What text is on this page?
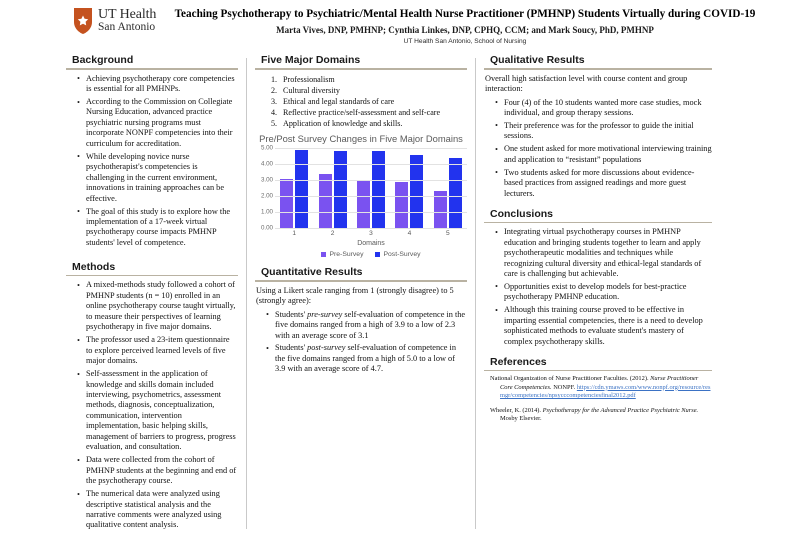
UT Health
San Antonio
Teaching Psychotherapy to Psychiatric/Mental Health Nurse Practitioner (PMHNP) Students Virtually during COVID-19
Marta Vives, DNP, PMHNP; Cynthia Linkes, DNP, CPHQ, CCM; and Mark Soucy, PhD, PMHNP
UT Health San Antonio, School of Nursing
Background
• Achieving psychotherapy core competencies is essential for all PMHNPs.
• According to the Commission on Collegiate Nursing Education, advanced practice psychiatric nursing programs must incorporate NONPF competencies into their curriculum for accreditation.
• While developing novice nurse psychotherapist's competencies is challenging in the current environment, innovations in training approaches can be effective.
• The goal of this study is to explore how the implementation of a 17-week virtual psychotherapy course impacts PMHNP students' level of competence.
Methods
• A mixed-methods study followed a cohort of PMHNP students (n = 10) enrolled in an online psychotherapy course taught virtually, to measure their perspectives of learning psychotherapy in five major domains.
• The professor used a 23-item questionnaire to explore perceived learned levels of five major domains.
• Self-assessment in the application of knowledge and skills domain included interviewing, psychometrics, assessment methods, diagnosis, conceptualization, communication, intervention implementation, basic helping skills, management of barriers to progress, progress evaluation, and consultation.
• Data were collected from the cohort of PMHNP students at the beginning and end of the psychotherapy course.
• The numerical data were analyzed using descriptive statistical analysis and the narrative comments were analyzed using qualitative content analysis.
Five Major Domains
Professionalism
Cultural diversity
Ethical and legal standards of care
Reflective practice/self-assessment and self-care
Application of knowledge and skills.
Pre/Post Survey Changes in Five Major Domains
5.00
4.00
3.00
2.00
1.00
0.00
1	2	3	4	5
Domains
Pre-Survey	Post-Survey
Quantitative Results

Using a Likert scale ranging from 1 (strongly disagree) to 5 (strongly agree):

• Students' pre-survey self-evaluation of competence in the five domains ranged from a high of 3.9 to a low of 2.3 with an average score of 3.1
• Students' post-survey self-evaluation of competence in the five domains ranged from a high of 5.0 to a low of 3.9 with an average score of 4.7.
Qualitative Results

Overall high satisfaction level with course content and group interaction:

• Four (4) of the 10 students wanted more case studies, mock individual, and group therapy sessions.
• Their preference was for the professor to guide the initial sessions.
• One student asked for more motivational interviewing training and application to “resistant” populations
• Two students asked for more discussions about evidence-based practices from assigned readings and more guest lecturers.
Conclusions
• Integrating virtual psychotherapy courses in PMHNP education and bringing students together to learn and apply psychotherapeutic modalities and techniques while recognizing cultural diversity and ethical-legal standards of care is challenging but achievable.
• Opportunities exist to develop models for best-practice psychotherapy PMHNP education.
• Although this training course proved to be effective in imparting essential competencies, there is a need to develop sophisticated methods to evaluate student's mastery of complex psychotherapy skills.
References

National Organization of Nurse Practitioner Faculties. (2012). Nurse Practitioner Core Competencies. NONPF. https://cdn.ymaws.com/www.nonpf.org/resource/resmgr/competencies/npsycccompetenciesfinal2012.pdf

Wheeler, K. (2014). Psychotherapy for the Advanced Practice Psychiatric Nurse. Mosby Elsevier.
